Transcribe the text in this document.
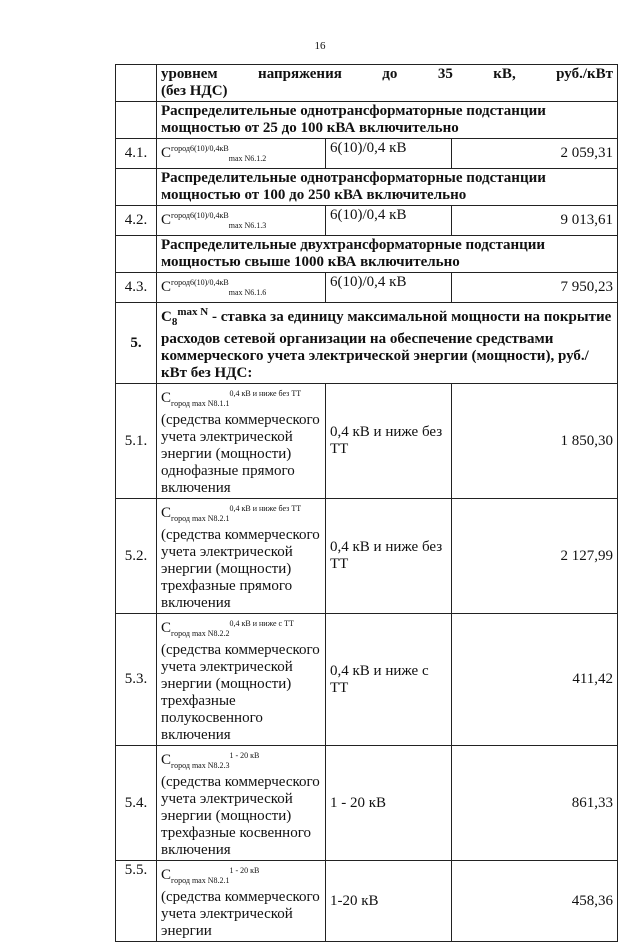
16

	уровнем напряжения до 35 кВ, руб./кВт
(без НДС)		

	Распределительные однотрансформаторные подстанции мощностью от 25 до 100 кВА включительно		
4.1.	$С^{город6(10)/0,4кВ}_{max N6.1.2}$	6(10)/0,4 кВ	2 059,31
	Распределительные однотрансформаторные подстанции мощностью от 100 до 250 кВА включительно		
4.2.	$С^{город6(10)/0,4кВ}_{max N6.1.3}$	6(10)/0,4 кВ	9 013,61
	Распределительные двухтрансформаторные подстанции мощностью свыше 1000 кВА включительно		
4.3.	$С^{город6(10)/0,4кВ}_{max N6.1.6}$	6(10)/0,4 кВ	7 950,23
5.	$С_8^{max N}$ - ставка за единицу максимальной мощности на покрытие расходов сетевой организации на обеспечение средствами коммерческого учета электрической энергии (мощности), руб./кВт без НДС:		
5.1.	$С_{город max N8.1.1}^{0,4 кВ и ниже без ТТ}$ (средства коммерческого учета электрической энергии (мощности) однофазные прямого включения	0,4 кВ и ниже без ТТ	1 850,30
5.2.	$С_{город max N8.2.1}^{0,4 кВ и ниже без ТТ}$ (средства коммерческого учета электрической энергии (мощности) трехфазные прямого включения	0,4 кВ и ниже без ТТ	2 127,99
5.3.	$С_{город max N8.2.2}^{0,4 кВ и ниже с ТТ}$ (средства коммерческого учета электрической энергии (мощности) трехфазные полукосвенного включения	0,4 кВ и ниже с ТТ	411,42
5.4.	$С_{город max N8.2.3}^{1 - 20 кВ}$ (средства коммерческого учета электрической энергии (мощности) трехфазные косвенного включения	1 - 20 кВ	861,33
5.5.	$С_{город max N8.2.1}^{1 - 20 кВ}$ (средства коммерческого учета электрической энергии	1-20 кВ	458,36
